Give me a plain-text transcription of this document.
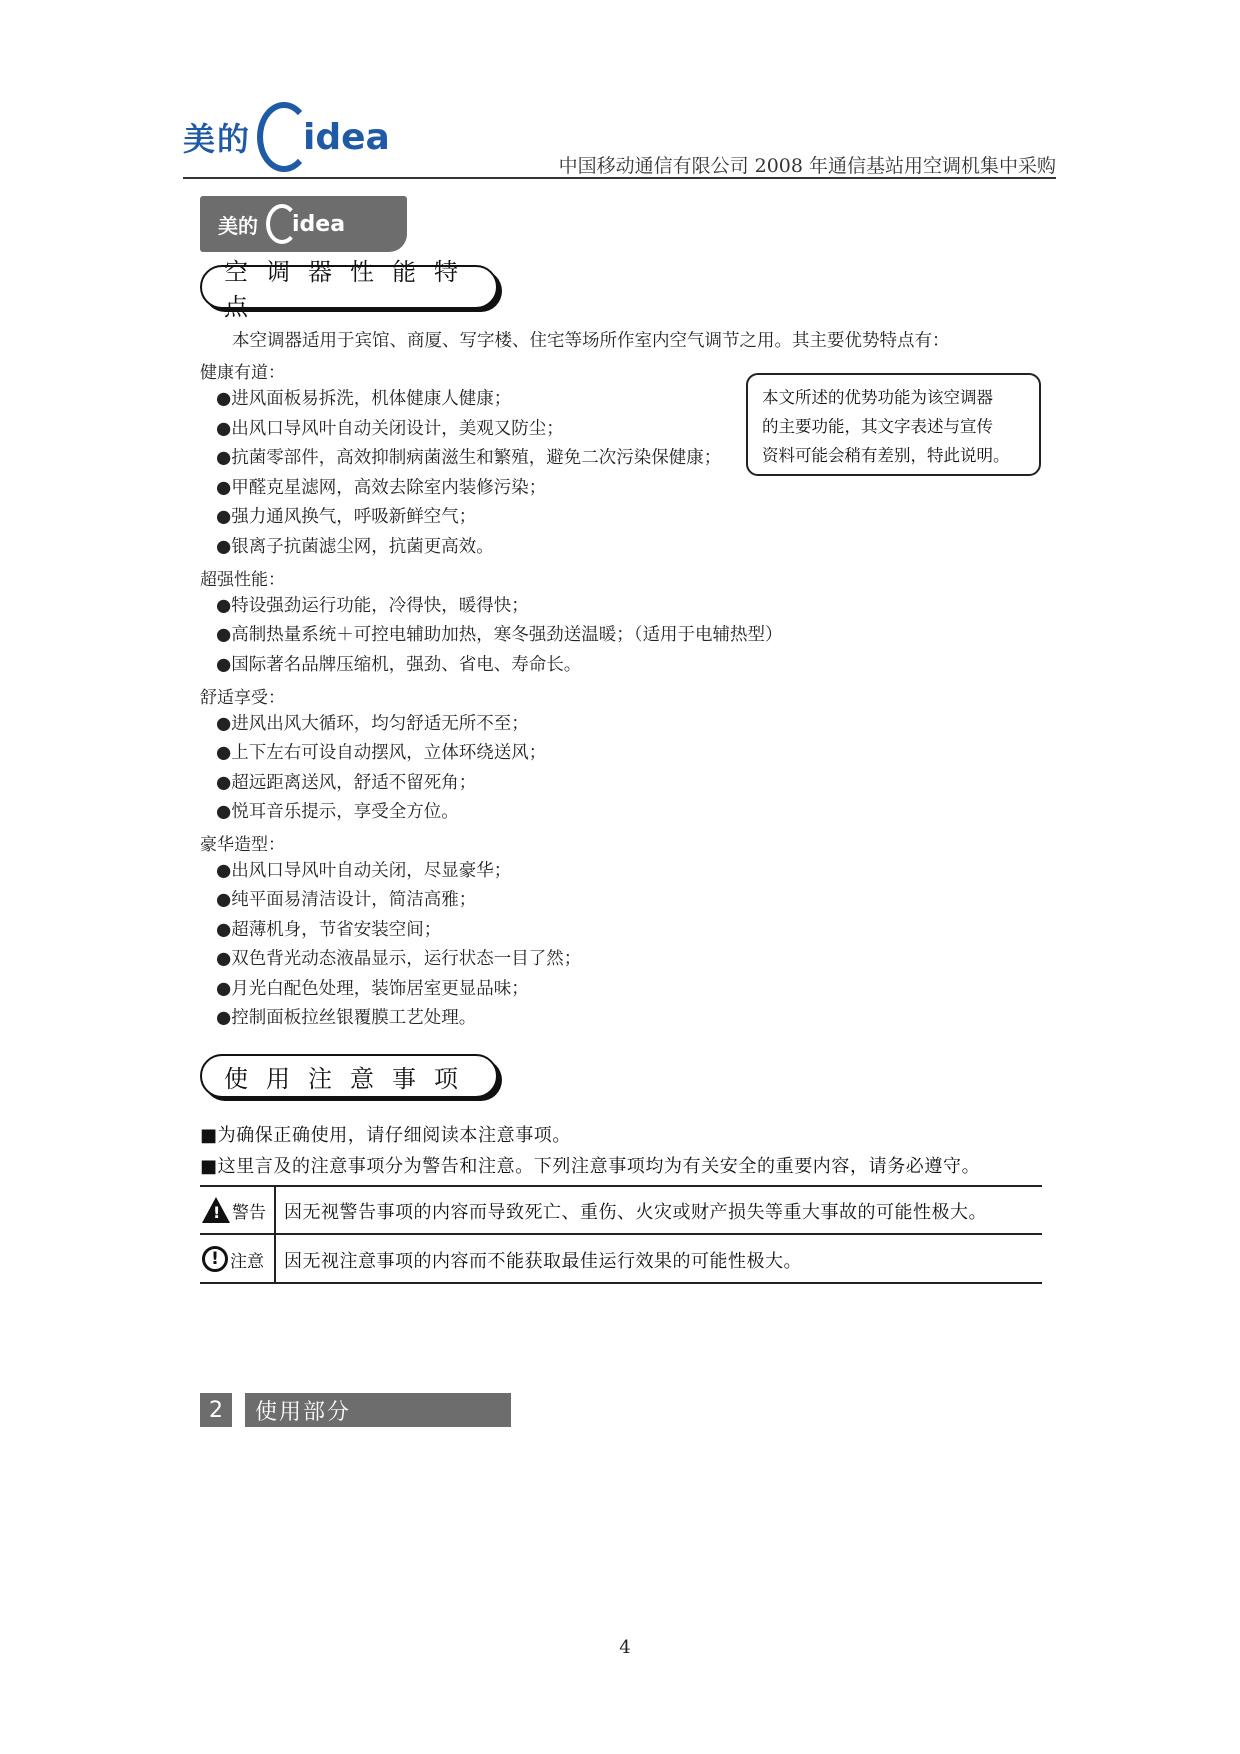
美的 idea
中国移动通信有限公司 2008 年通信基站用空调机集中采购
美的 idea
空调器性能特点
本空调器适用于宾馆、商厦、写字楼、住宅等场所作室内空气调节之用。其主要优势特点有：
健康有道：
●进风面板易拆洗，机体健康人健康；
●出风口导风叶自动关闭设计，美观又防尘；
●抗菌零部件，高效抑制病菌滋生和繁殖，避免二次污染保健康；
●甲醛克星滤网，高效去除室内装修污染；
●强力通风换气，呼吸新鲜空气；
●银离子抗菌滤尘网，抗菌更高效。
本文所述的优势功能为该空调器
的主要功能，其文字表述与宣传
资料可能会稍有差别，特此说明。
超强性能：
●特设强劲运行功能，冷得快，暖得快；
●高制热量系统＋可控电辅助加热，寒冬强劲送温暖；（适用于电辅热型）
●国际著名品牌压缩机，强劲、省电、寿命长。
舒适享受：
●进风出风大循环，均匀舒适无所不至；
●上下左右可设自动摆风，立体环绕送风；
●超远距离送风，舒适不留死角；
●悦耳音乐提示，享受全方位。
豪华造型：
●出风口导风叶自动关闭，尽显豪华；
●纯平面易清洁设计，简洁高雅；
●超薄机身，节省安装空间；
●双色背光动态液晶显示，运行状态一目了然；
●月光白配色处理，装饰居室更显品味；
●控制面板拉丝银覆膜工艺处理。
使用注意事项
■为确保正确使用，请仔细阅读本注意事项。
■这里言及的注意事项分为警告和注意。下列注意事项均为有关安全的重要内容，请务必遵守。
!
警告 因无视警告事项的内容而导致死亡、重伤、火灾或财产损失等重大事故的可能性极大。
! 注意 因无视注意事项的内容而不能获取最佳运行效果的可能性极大。
2	使用部分
4
